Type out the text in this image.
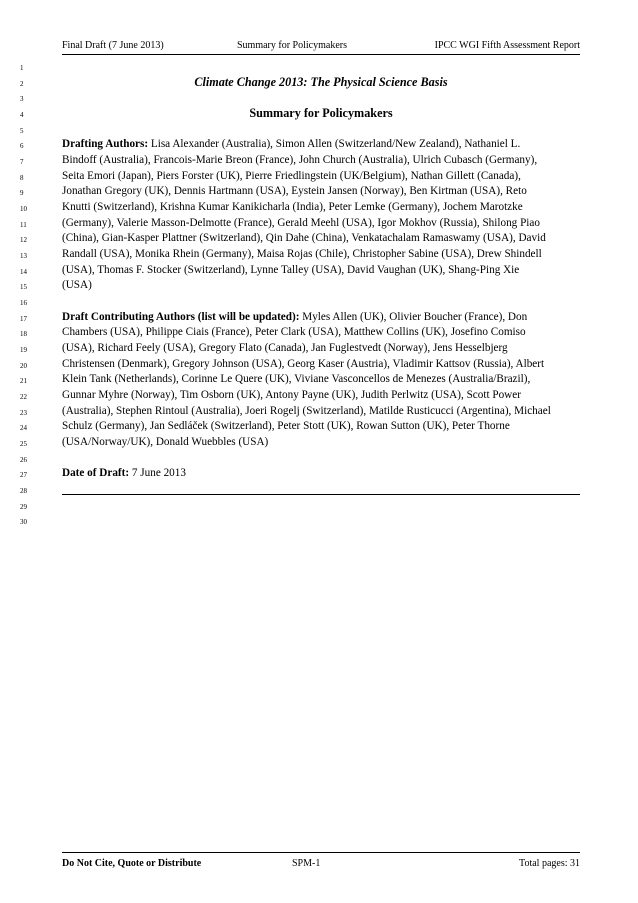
Final Draft (7 June 2013)	Summary for Policymakers	IPCC WGI Fifth Assessment Report
1
2
3
4
5
6
7
8
9
10
11
12
13
14
15
16
17
18
19
20
21
22
23
24
25
26
27
28
29
30
Climate Change 2013: The Physical Science Basis
Summary for Policymakers
Drafting Authors: Lisa Alexander (Australia), Simon Allen (Switzerland/New Zealand), Nathaniel L.
Bindoff (Australia), Francois-Marie Breon (France), John Church (Australia), Ulrich Cubasch (Germany),
Seita Emori (Japan), Piers Forster (UK), Pierre Friedlingstein (UK/Belgium), Nathan Gillett (Canada),
Jonathan Gregory (UK), Dennis Hartmann (USA), Eystein Jansen (Norway), Ben Kirtman (USA), Reto
Knutti (Switzerland), Krishna Kumar Kanikicharla (India), Peter Lemke (Germany), Jochem Marotzke
(Germany), Valerie Masson-Delmotte (France), Gerald Meehl (USA), Igor Mokhov (Russia), Shilong Piao
(China), Gian-Kasper Plattner (Switzerland), Qin Dahe (China), Venkatachalam Ramaswamy (USA), David
Randall (USA), Monika Rhein (Germany), Maisa Rojas (Chile), Christopher Sabine (USA), Drew Shindell
(USA), Thomas F. Stocker (Switzerland), Lynne Talley (USA), David Vaughan (UK), Shang-Ping Xie
(USA)
Draft Contributing Authors (list will be updated): Myles Allen (UK), Olivier Boucher (France), Don
Chambers (USA), Philippe Ciais (France), Peter Clark (USA), Matthew Collins (UK), Josefino Comiso
(USA), Richard Feely (USA), Gregory Flato (Canada), Jan Fuglestvedt (Norway), Jens Hesselbjerg
Christensen (Denmark), Gregory Johnson (USA), Georg Kaser (Austria), Vladimir Kattsov (Russia), Albert
Klein Tank (Netherlands), Corinne Le Quere (UK), Viviane Vasconcellos de Menezes (Australia/Brazil),
Gunnar Myhre (Norway), Tim Osborn (UK), Antony Payne (UK), Judith Perlwitz (USA), Scott Power
(Australia), Stephen Rintoul (Australia), Joeri Rogelj (Switzerland), Matilde Rusticucci (Argentina), Michael
Schulz (Germany), Jan Sedláček (Switzerland), Peter Stott (UK), Rowan Sutton (UK), Peter Thorne
(USA/Norway/UK), Donald Wuebbles (USA)
Date of Draft: 7 June 2013
Do Not Cite, Quote or Distribute	SPM-1	Total pages: 31
